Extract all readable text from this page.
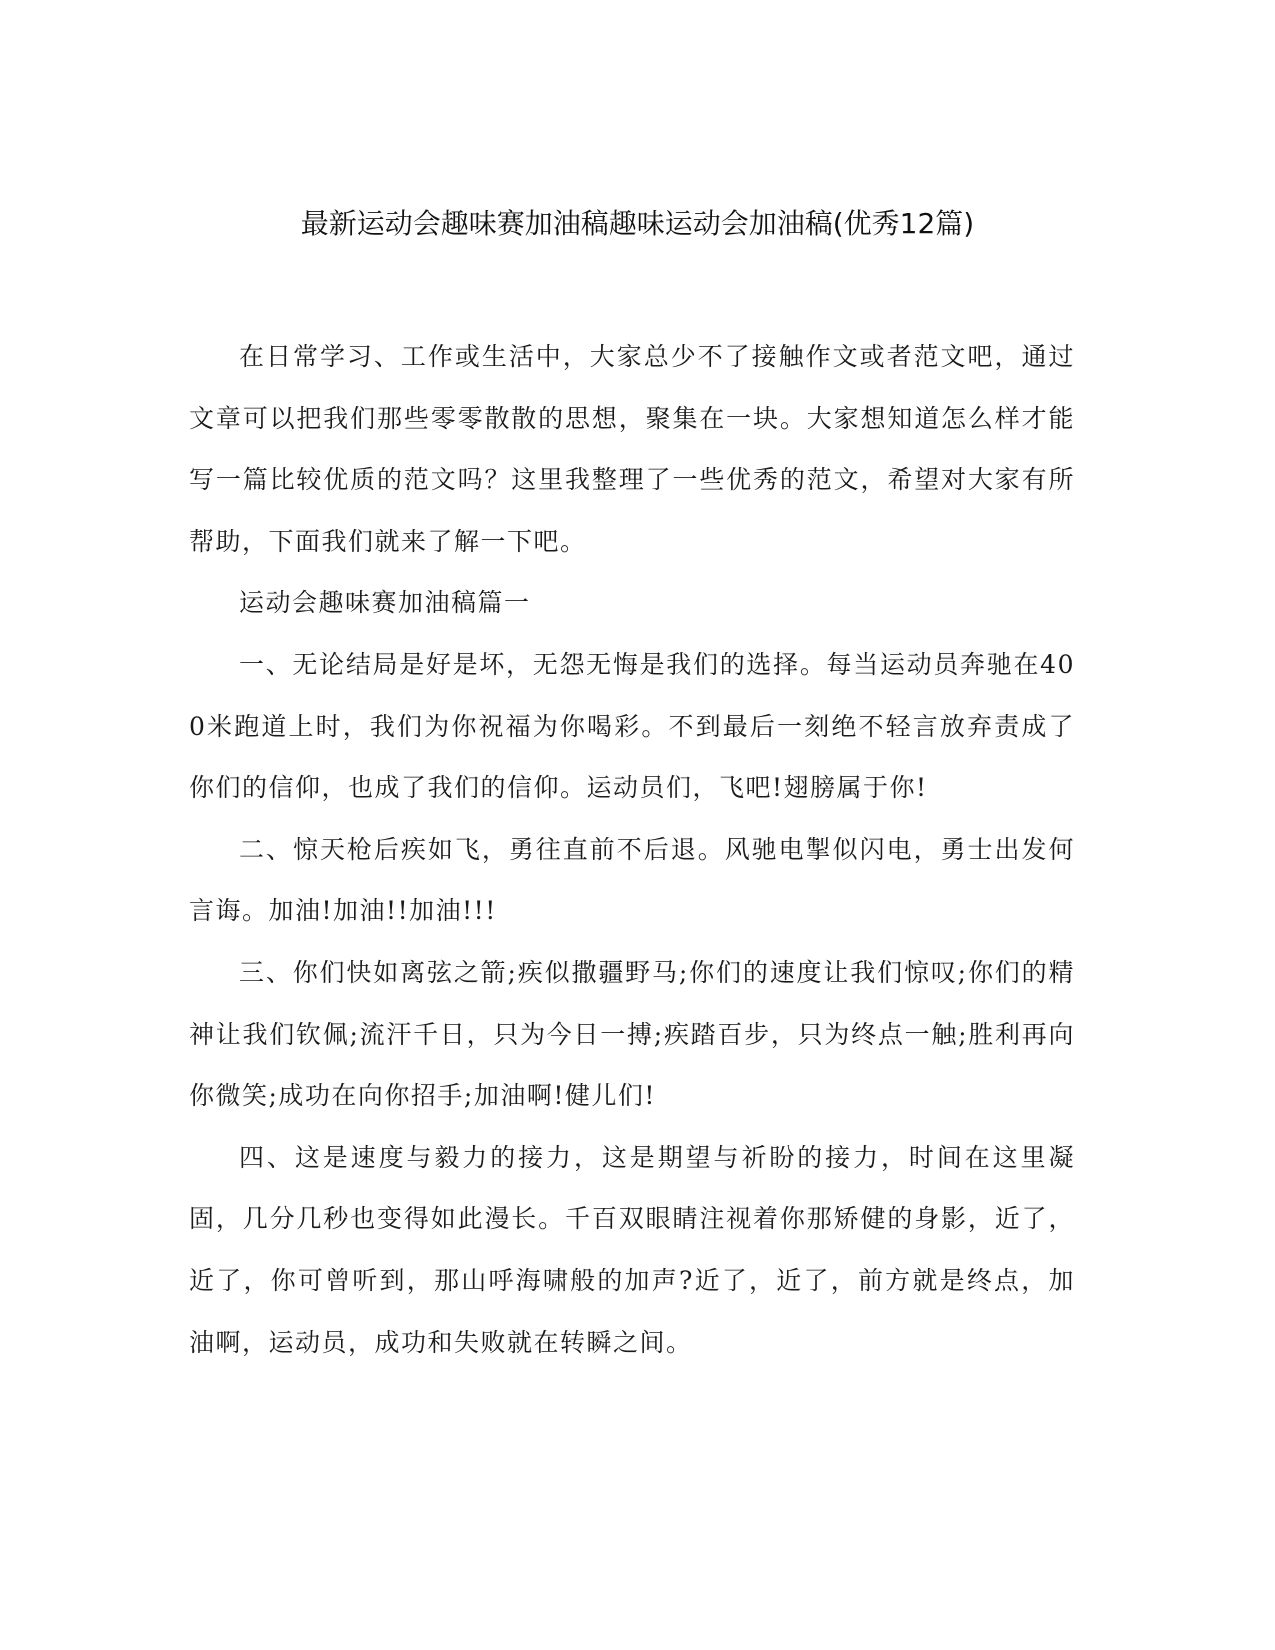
最新运动会趣味赛加油稿趣味运动会加油稿(优秀12篇)

在日常学习、工作或生活中，大家总少不了接触作文或者范文吧，通过文章可以把我们那些零零散散的思想，聚集在一块。大家想知道怎么样才能写一篇比较优质的范文吗？这里我整理了一些优秀的范文，希望对大家有所帮助，下面我们就来了解一下吧。

运动会趣味赛加油稿篇一

一、无论结局是好是坏，无怨无悔是我们的选择。每当运动员奔驰在400米跑道上时，我们为你祝福为你喝彩。不到最后一刻绝不轻言放弃责成了你们的信仰，也成了我们的信仰。运动员们，飞吧!翅膀属于你!

二、惊天枪后疾如飞，勇往直前不后退。风驰电掣似闪电，勇士出发何言诲。加油!加油!!加油!!!

三、你们快如离弦之箭;疾似撒疆野马;你们的速度让我们惊叹;你们的精神让我们钦佩;流汗千日，只为今日一搏;疾踏百步，只为终点一触;胜利再向你微笑;成功在向你招手;加油啊!健儿们!

四、这是速度与毅力的接力，这是期望与祈盼的接力，时间在这里凝固，几分几秒也变得如此漫长。千百双眼睛注视着你那矫健的身影，近了，近了，你可曾听到，那山呼海啸般的加声?近了，近了，前方就是终点，加油啊，运动员，成功和失败就在转瞬之间。
